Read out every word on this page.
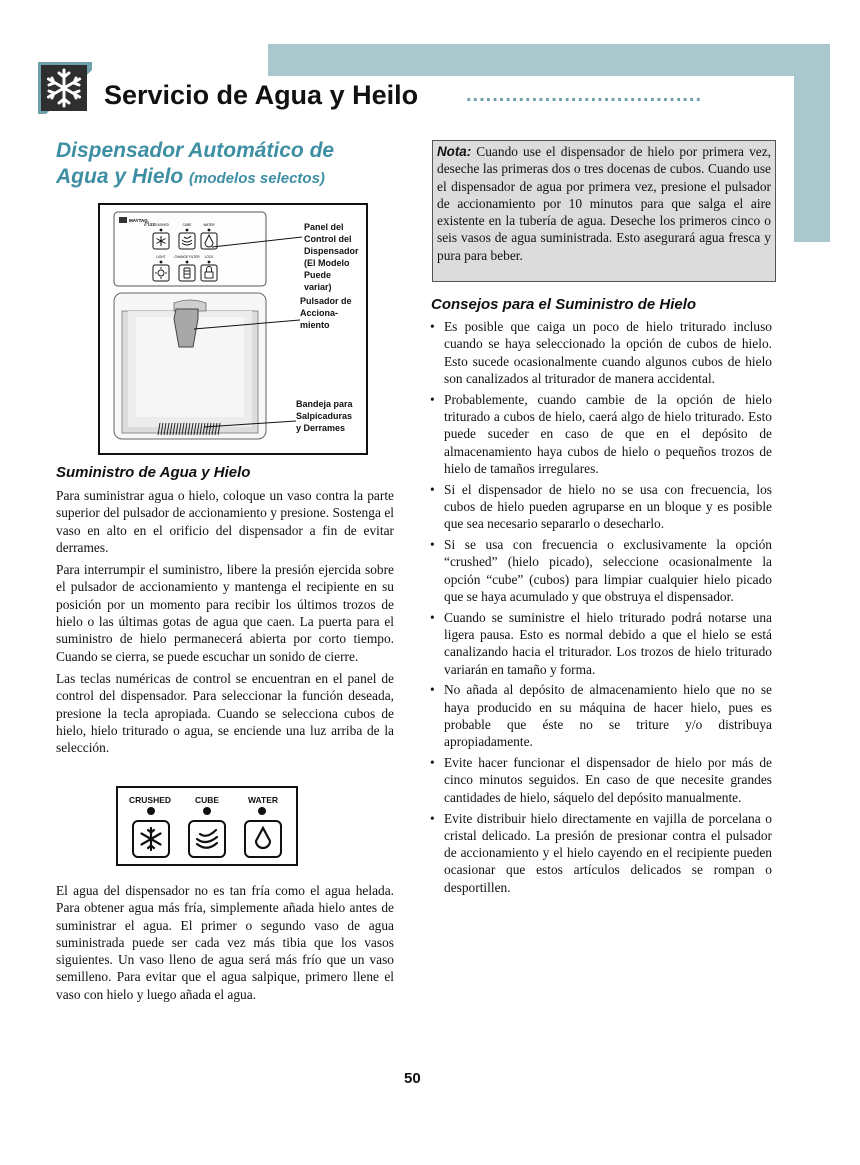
Servicio de Agua y Heilo ....................................
Dispensador Automático de
Agua y Hielo (modelos selectos)
MAYTAG
Plus
CRUSHED	CUBE	WATER
LIGHT	CHANGE FILTER LOCK
Panel del
Control del
Dispensador
(El Modelo
Puede
variar)
Pulsador de
Acciona-
miento
Bandeja para
Salpicaduras
y Derrames
Suministro de Agua y Hielo

Para suministrar agua o hielo, coloque un vaso contra la parte superior del pulsador de accionamiento y presione. Sostenga el vaso en alto en el orificio del dispensador a fin de evitar derrames.

Para interrumpir el suministro, libere la presión ejercida sobre el pulsador de accionamiento y mantenga el recipiente en su posición por un momento para recibir los últimos trozos de hielo o las últimas gotas de agua que caen. La puerta para el suministro de hielo permanecerá abierta por corto tiempo. Cuando se cierra, se puede escuchar un sonido de cierre.

Las teclas numéricas de control se encuentran en el panel de control del dispensador. Para seleccionar la función deseada, presione la tecla apropiada. Cuando se selecciona cubos de hielo, hielo triturado o agua, se enciende una luz arriba de la selección.

CRUSHED	CUBE	WATER
El agua del dispensador no es tan fría como el agua helada. Para obtener agua más fría, simplemente añada hielo antes de suministrar el agua. El primer o segundo vaso de agua suministrada puede ser cada vez más tibia que los vasos siguientes. Un vaso lleno de agua será más frío que un vaso semilleno. Para evitar que el agua salpique, primero llene el vaso con hielo y luego añada el agua.
Nota: Cuando use el dispensador de hielo por primera vez, deseche las primeras dos o tres docenas de cubos. Cuando use el dispensador de agua por primera vez, presione el pulsador de accionamiento por 10 minutos para que salga el aire existente en la tubería de agua. Deseche los primeros cinco o seis vasos de agua suministrada. Esto asegurará agua fresca y pura para beber.
Consejos para el Suministro de Hielo
• Es posible que caiga un poco de hielo triturado incluso cuando se haya seleccionado la opción de cubos de hielo. Esto sucede ocasionalmente cuando algunos cubos de hielo son canalizados al triturador de manera accidental.
• Probablemente, cuando cambie de la opción de hielo triturado a cubos de hielo, caerá algo de hielo triturado. Esto puede suceder en caso de que en el depósito de almacenamiento haya cubos de hielo o pequeños trozos de hielo de tamaños irregulares.
• Si el dispensador de hielo no se usa con frecuencia, los cubos de hielo pueden agruparse en un bloque y es posible que sea necesario separarlo o desecharlo.
• Si se usa con frecuencia o exclusivamente la opción “crushed” (hielo picado), seleccione ocasionalmente la opción “cube” (cubos) para limpiar cualquier hielo picado que se haya acumulado y que obstruya el dispensador.
• Cuando se suministre el hielo triturado podrá notarse una ligera pausa. Esto es normal debido a que el hielo se está canalizando hacia el triturador. Los trozos de hielo triturado variarán en tamaño y forma.
• No añada al depósito de almacenamiento hielo que no se haya producido en su máquina de hacer hielo, pues es probable que éste no se triture y/o distribuya apropiadamente.
• Evite hacer funcionar el dispensador de hielo por más de cinco minutos seguidos. En caso de que necesite grandes cantidades de hielo, sáquelo del depósito manualmente.
• Evite distribuir hielo directamente en vajilla de porcelana o cristal delicado. La presión de presionar contra el pulsador de accionamiento y el hielo cayendo en el recipiente pueden ocasionar que estos artículos delicados se rompan o desportillen.
50
